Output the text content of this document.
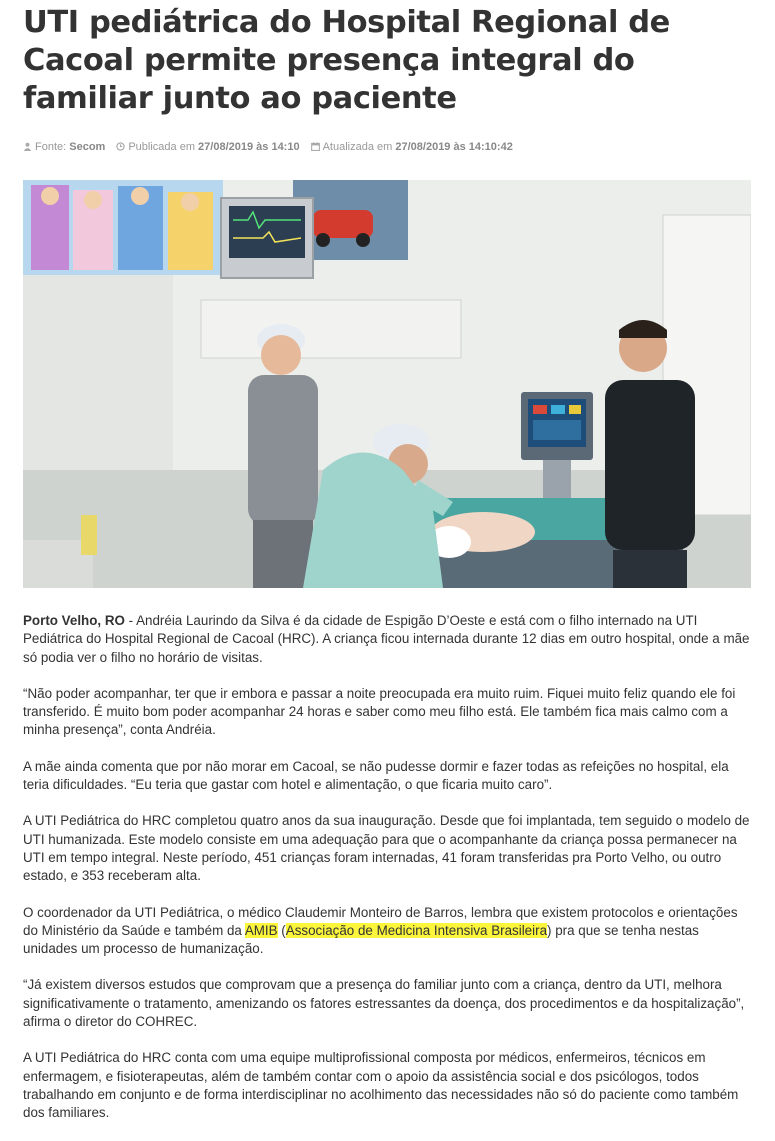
UTI pediátrica do Hospital Regional de Cacoal permite presença integral do familiar junto ao paciente
Fonte: Secom	Publicada em 27/08/2019 às 14:10	Atualizada em 27/08/2019 às 14:10:42

Porto Velho, RO - Andréia Laurindo da Silva é da cidade de Espigão D’Oeste e está com o filho internado na UTI Pediátrica do Hospital Regional de Cacoal (HRC). A criança ficou internada durante 12 dias em outro hospital, onde a mãe só podia ver o filho no horário de visitas.

“Não poder acompanhar, ter que ir embora e passar a noite preocupada era muito ruim. Fiquei muito feliz quando ele foi transferido. É muito bom poder acompanhar 24 horas e saber como meu filho está. Ele também fica mais calmo com a minha presença”, conta Andréia.

A mãe ainda comenta que por não morar em Cacoal, se não pudesse dormir e fazer todas as refeições no hospital, ela teria dificuldades. “Eu teria que gastar com hotel e alimentação, o que ficaria muito caro”.

A UTI Pediátrica do HRC completou quatro anos da sua inauguração. Desde que foi implantada, tem seguido o modelo de UTI humanizada. Este modelo consiste em uma adequação para que o acompanhante da criança possa permanecer na UTI em tempo integral. Neste período, 451 crianças foram internadas, 41 foram transferidas pra Porto Velho, ou outro estado, e 353 receberam alta.

O coordenador da UTI Pediátrica, o médico Claudemir Monteiro de Barros, lembra que existem protocolos e orientações do Ministério da Saúde e também da AMIB (Associação de Medicina Intensiva Brasileira) pra que se tenha nestas unidades um processo de humanização.

“Já existem diversos estudos que comprovam que a presença do familiar junto com a criança, dentro da UTI, melhora significativamente o tratamento, amenizando os fatores estressantes da doença, dos procedimentos e da hospitalização”, afirma o diretor do COHREC.

A UTI Pediátrica do HRC conta com uma equipe multiprofissional composta por médicos, enfermeiros, técnicos em enfermagem, e fisioterapeutas, além de também contar com o apoio da assistência social e dos psicólogos, todos trabalhando em conjunto e de forma interdisciplinar no acolhimento das necessidades não só do paciente como também dos familiares.
